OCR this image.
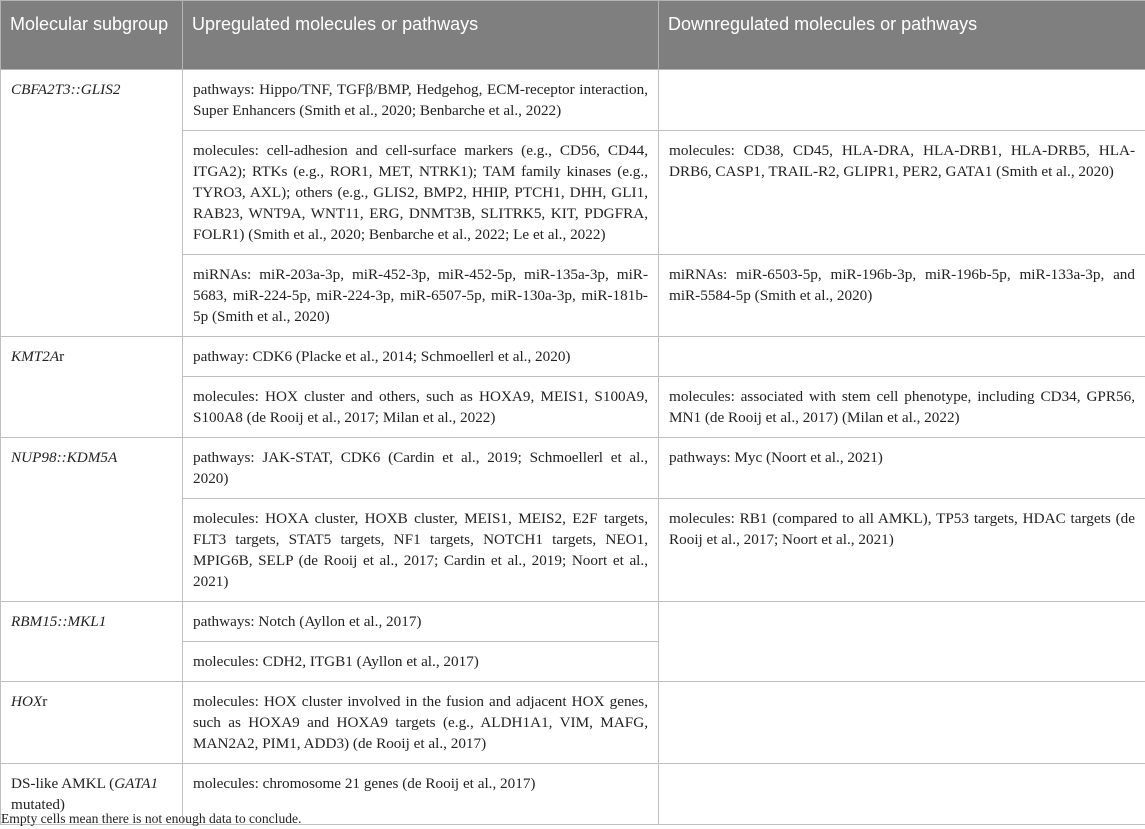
Molecular subgroup	Upregulated molecules or pathways	Downregulated molecules or pathways
CBFA2T3::GLIS2	pathways: Hippo/TNF, TGFβ/BMP, Hedgehog, ECM-receptor interaction, Super Enhancers (Smith et al., 2020; Benbarche et al., 2022)	
	molecules: cell-adhesion and cell-surface markers (e.g., CD56, CD44, ITGA2); RTKs (e.g., ROR1, MET, NTRK1); TAM family kinases (e.g., TYRO3, AXL); others (e.g., GLIS2, BMP2, HHIP, PTCH1, DHH, GLI1, RAB23, WNT9A, WNT11, ERG, DNMT3B, SLITRK5, KIT, PDGFRA, FOLR1) (Smith et al., 2020; Benbarche et al., 2022; Le et al., 2022)	molecules: CD38, CD45, HLA-DRA, HLA-DRB1, HLA-DRB5, HLA-DRB6, CASP1, TRAIL-R2, GLIPR1, PER2, GATA1 (Smith et al., 2020)
	miRNAs: miR-203a-3p, miR-452-3p, miR-452-5p, miR-135a-3p, miR-5683, miR-224-5p, miR-224-3p, miR-6507-5p, miR-130a-3p, miR-181b-5p (Smith et al., 2020)	miRNAs: miR-6503-5p, miR-196b-3p, miR-196b-5p, miR-133a-3p, and miR-5584-5p (Smith et al., 2020)
KMT2Ar	pathway: CDK6 (Placke et al., 2014; Schmoellerl et al., 2020)	
	molecules: HOX cluster and others, such as HOXA9, MEIS1, S100A9, S100A8 (de Rooij et al., 2017; Milan et al., 2022)	molecules: associated with stem cell phenotype, including CD34, GPR56, MN1 (de Rooij et al., 2017) (Milan et al., 2022)
NUP98::KDM5A	pathways: JAK-STAT, CDK6 (Cardin et al., 2019; Schmoellerl et al., 2020)	pathways: Myc (Noort et al., 2021)
	molecules: HOXA cluster, HOXB cluster, MEIS1, MEIS2, E2F targets, FLT3 targets, STAT5 targets, NF1 targets, NOTCH1 targets, NEO1, MPIG6B, SELP (de Rooij et al., 2017; Cardin et al., 2019; Noort et al., 2021)	molecules: RB1 (compared to all AMKL), TP53 targets, HDAC targets (de Rooij et al., 2017; Noort et al., 2021)
RBM15::MKL1	pathways: Notch (Ayllon et al., 2017)	
	molecules: CDH2, ITGB1 (Ayllon et al., 2017)	
HOXr	molecules: HOX cluster involved in the fusion and adjacent HOX genes, such as HOXA9 and HOXA9 targets (e.g., ALDH1A1, VIM, MAFG, MAN2A2, PIM1, ADD3) (de Rooij et al., 2017)	
DS-like AMKL (GATA1 mutated)	molecules: chromosome 21 genes (de Rooij et al., 2017)	
Empty cells mean there is not enough data to conclude.
